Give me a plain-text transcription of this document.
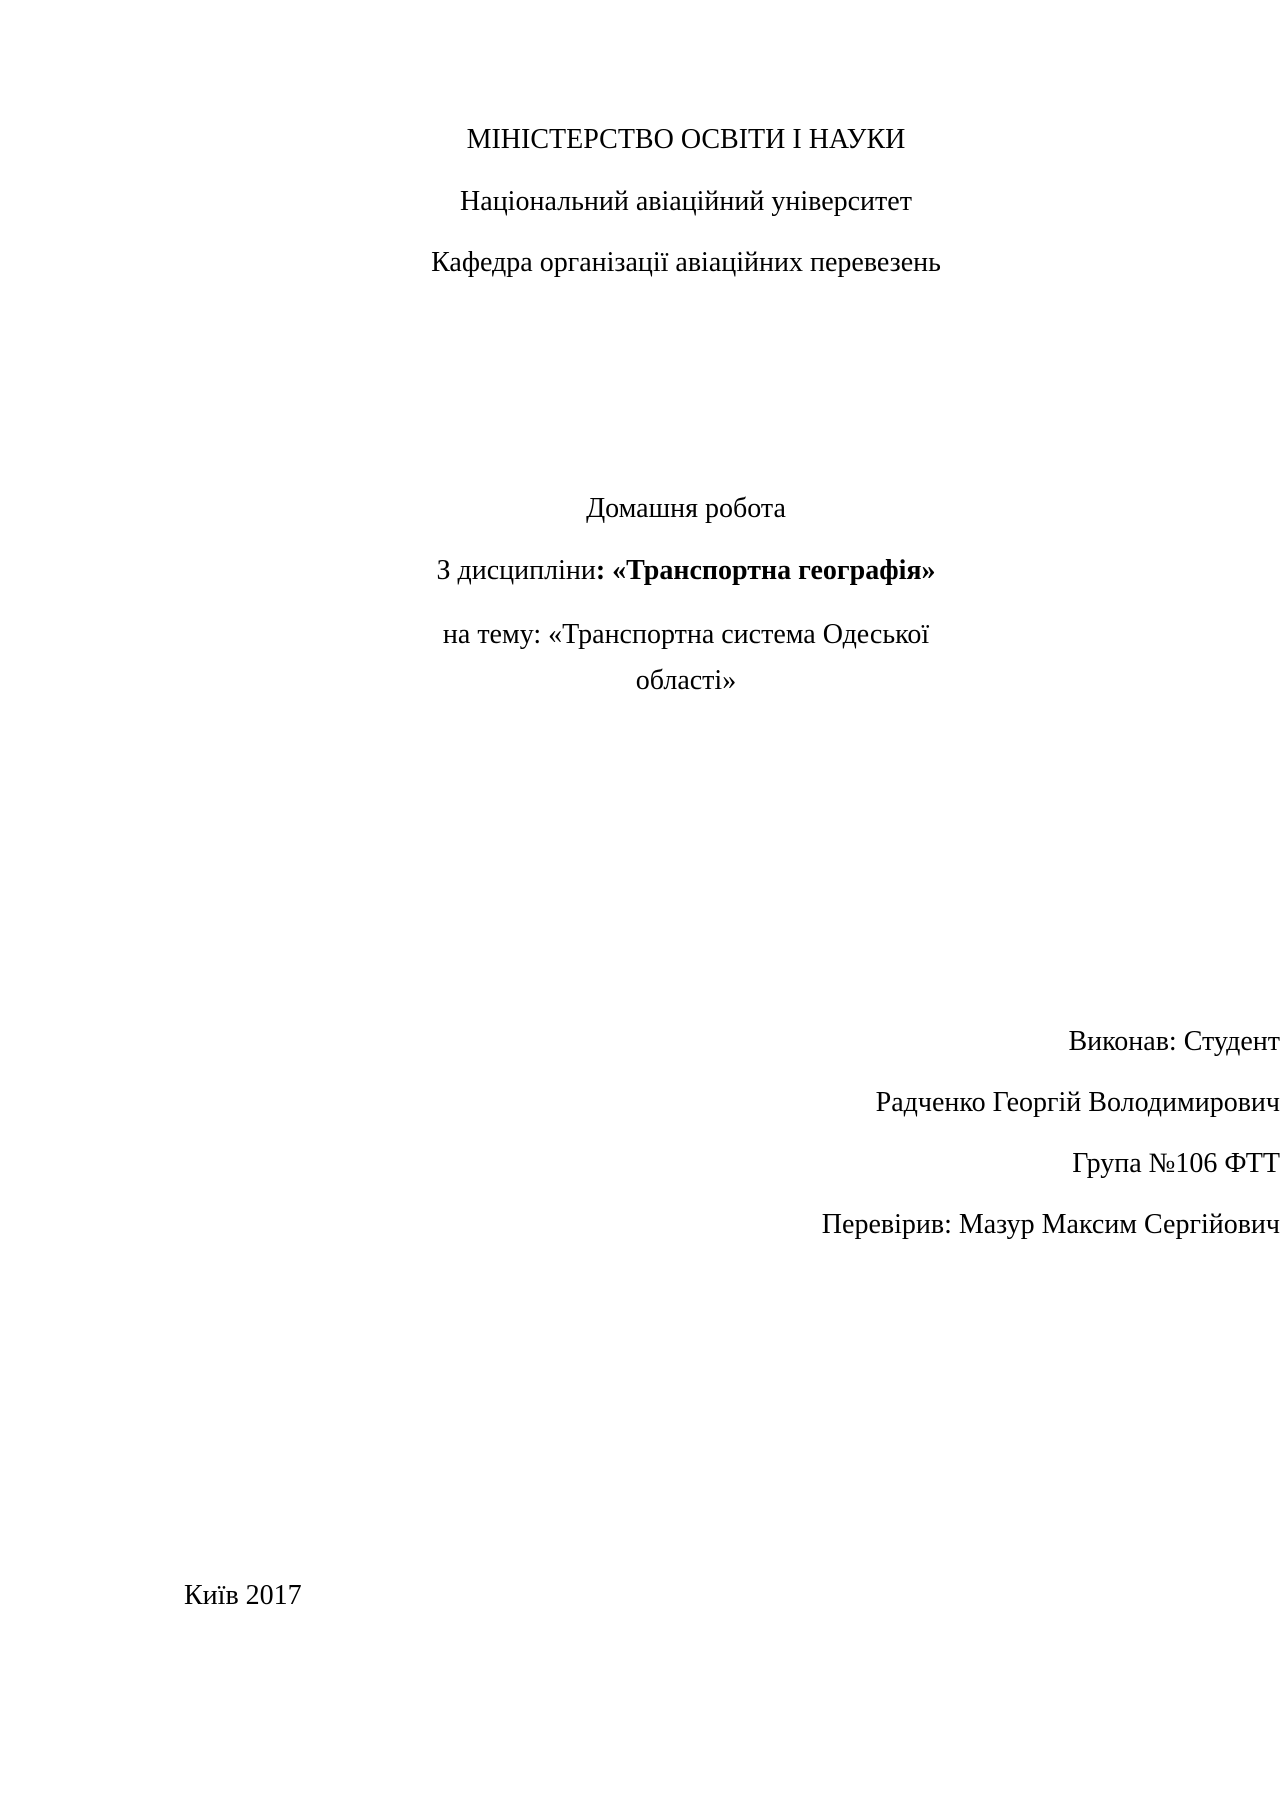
МІНІСТЕРСТВО ОСВІТИ І НАУКИ
Національний авіаційний університет
Кафедра організації авіаційних перевезень
Домашня робота
З дисципліни: «Транспортна географія»
на тему: «Транспортна система Одеської області»
Виконав: Студент
Радченко Георгій Володимирович
Група №106 ФТТ
Перевірив: Мазур Максим Сергійович
Київ 2017
